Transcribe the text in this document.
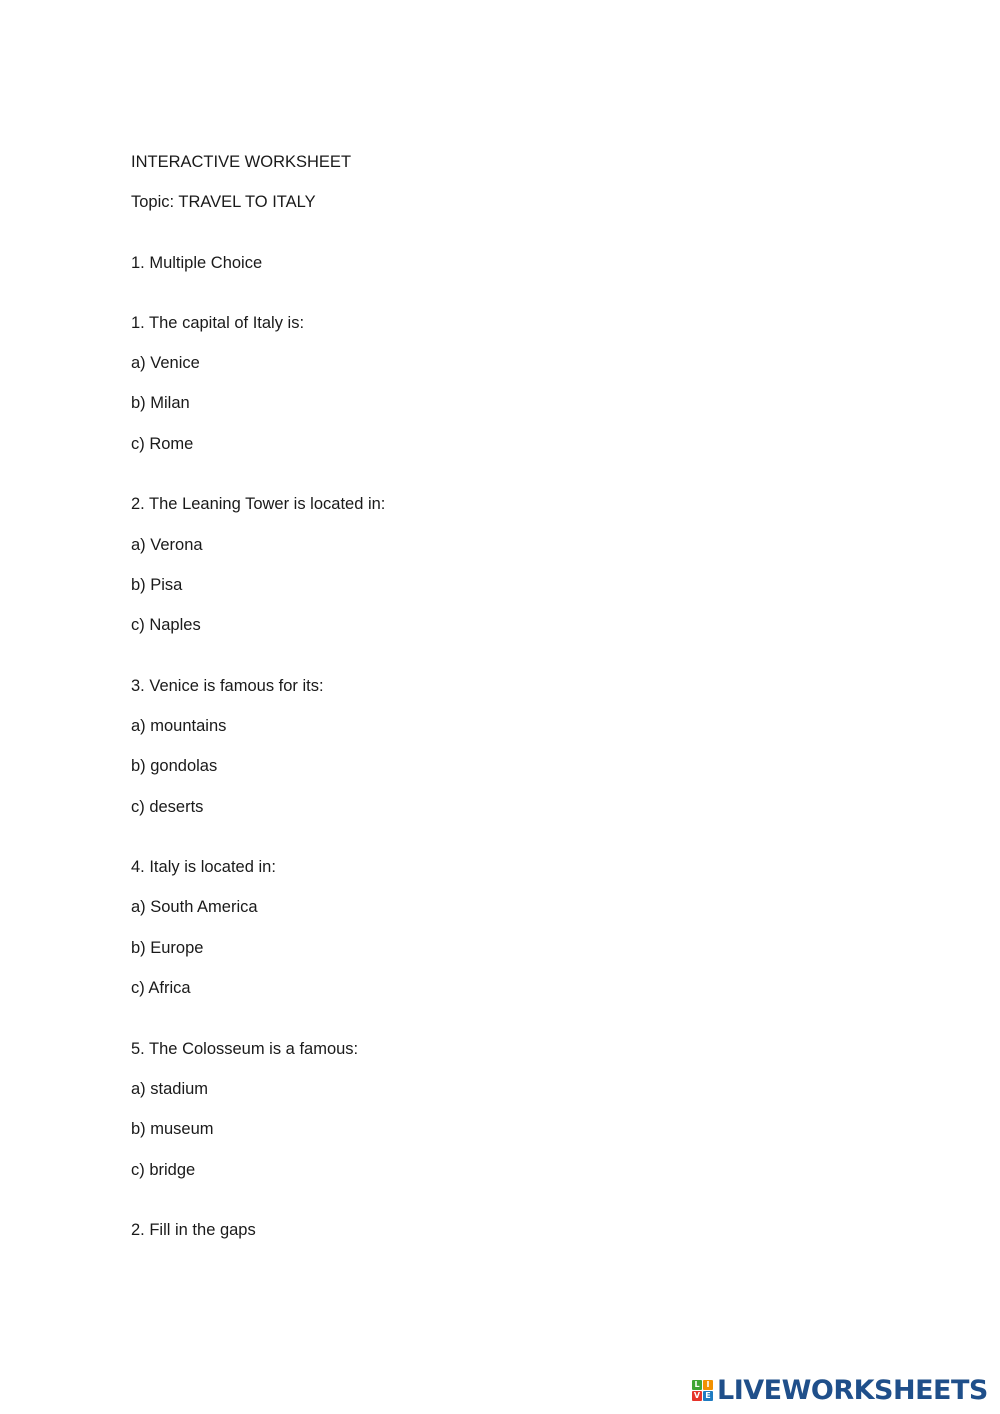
INTERACTIVE WORKSHEET
Topic: TRAVEL TO ITALY
1. Multiple Choice
1. The capital of Italy is:
a) Venice
b) Milan
c) Rome
2. The Leaning Tower is located in:
a) Verona
b) Pisa
c) Naples
3. Venice is famous for its:
a) mountains
b) gondolas
c) deserts
4. Italy is located in:
a) South America
b) Europe
c) Africa
5. The Colosseum is a famous:
a) stadium
b) museum
c) bridge
2. Fill in the gaps
L I
V E LIVEWORKSHEETS
